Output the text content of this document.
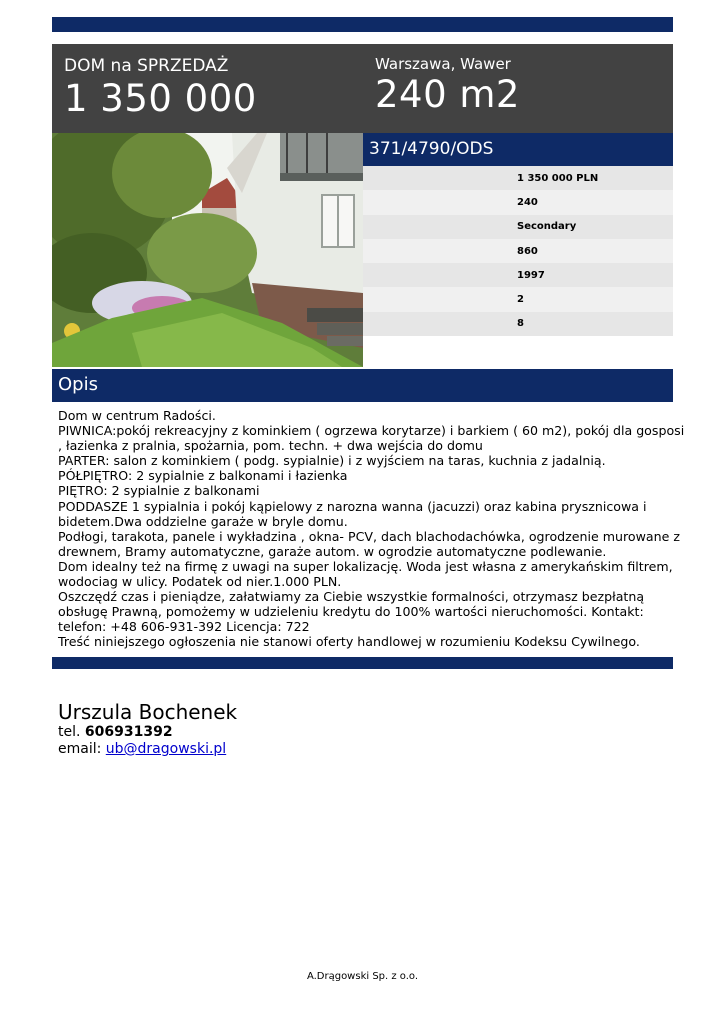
DOM na SPRZEDAŻ
1 350 000
Warszawa, Wawer
240 m2
371/4790/ODS
1 350 000 PLN
240
Secondary
860
1997
2
8
Opis
Dom w centrum Radości.
PIWNICA:pokój rekreacyjny z kominkiem ( ogrzewa korytarze) i barkiem ( 60 m2), pokój dla gosposi
, łazienka z pralnia, spożarnia, pom. techn. + dwa wejścia do domu
PARTER: salon z kominkiem ( podg. sypialnie) i z wyjściem na taras, kuchnia z jadalnią.
PÓŁPIĘTRO: 2 sypialnie z balkonami i łazienka
PIĘTRO: 2 sypialnie z balkonami
PODDASZE 1 sypialnia i pokój kąpielowy z narozna wanna (jacuzzi) oraz kabina prysznicowa i
bidetem.Dwa oddzielne garaże w bryle domu.
Podłogi, tarakota, panele i wykładzina , okna- PCV, dach blachodachówka, ogrodzenie murowane z
drewnem, Bramy automatyczne, garaże autom. w ogrodzie automatyczne podlewanie.
Dom idealny też na firmę z uwagi na super lokalizację. Woda jest własna z amerykańskim filtrem,
wodociag w ulicy. Podatek od nier.1.000 PLN.
Oszczędź czas i pieniądze, załatwiamy za Ciebie wszystkie formalności, otrzymasz bezpłatną
obsługę Prawną, pomożemy w udzieleniu kredytu do 100% wartości nieruchomości. Kontakt:
telefon: +48 606-931-392 Licencja: 722
Treść niniejszego ogłoszenia nie stanowi oferty handlowej w rozumieniu Kodeksu Cywilnego.
Urszula Bochenek
tel. 606931392
email: ub@dragowski.pl
A.Drągowski Sp. z o.o.
